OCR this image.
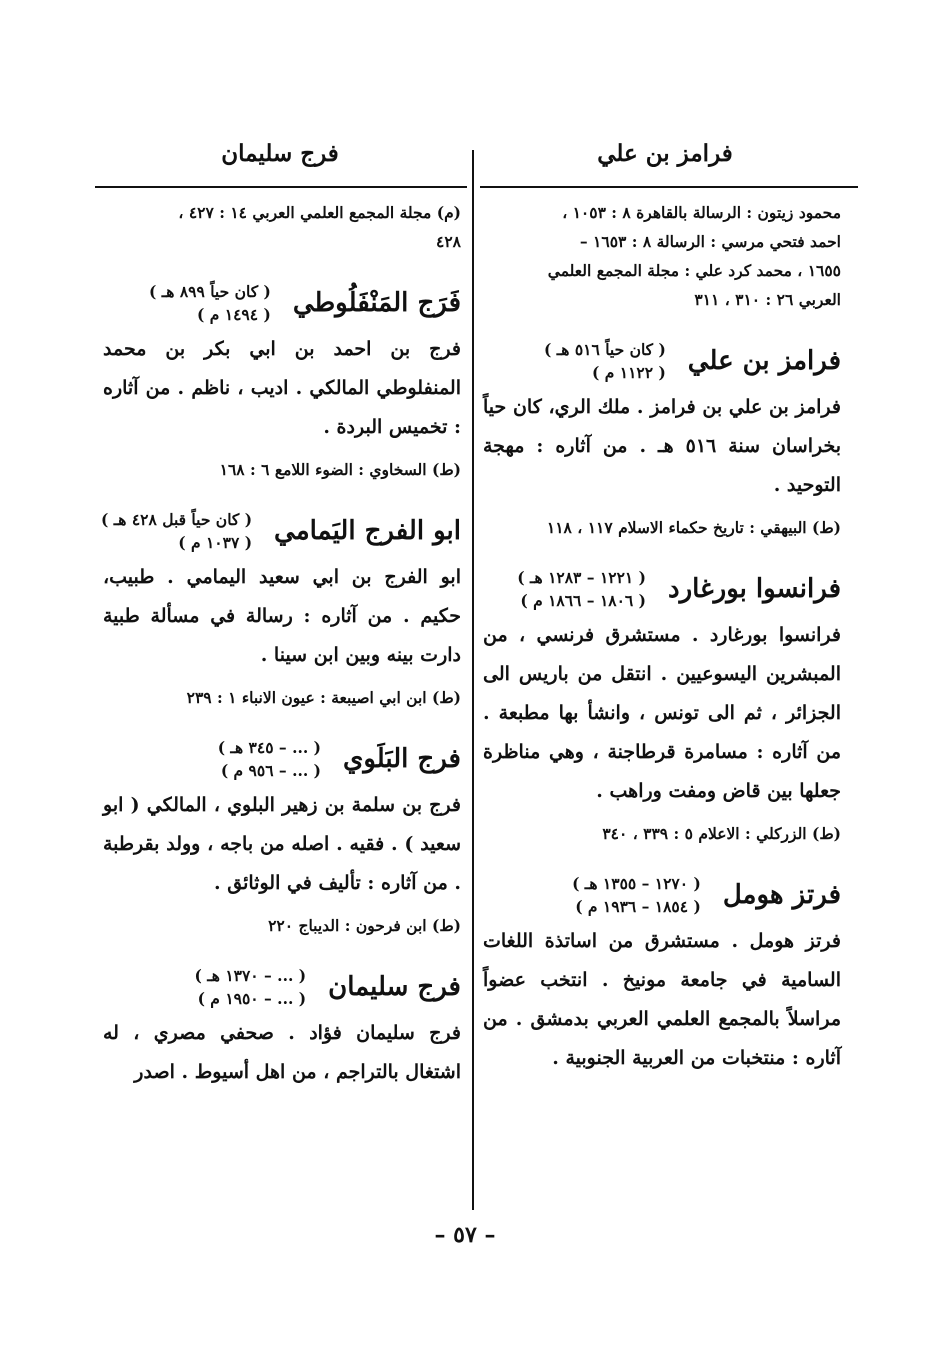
فرامز بن علي
فرج سليمان

محمود زيتون : الرسالة بالقاهرة ٨ : ١٠٥٣ ،

احمد فتحي مرسي : الرسالة ٨ : ١٦٥٣ –

١٦٥٥ ، محمد كرد علي : مجلة المجمع العلمي

العربي ٢٦ : ٣١٠ ، ٣١١

فرامز بن علي
( كان حياً ٥١٦ هـ )
( ١١٢٢ م )

فرامز بن علي بن فرامز . ملك الري، كان حياً بخراسان سنة ٥١٦ هـ . من آثاره : مهجة التوحيد .

(ط) البيهقي : تاريخ حكماء الاسلام ١١٧ ، ١١٨

فرانسوا بورغارد
( ١٢٢١ – ١٢٨٣ هـ )
( ١٨٠٦ – ١٨٦٦ م )

فرانسوا بورغارد . مستشرق فرنسي ، من المبشرين اليسوعيين . انتقل من باريس الى الجزائر ، ثم الى تونس ، وانشأ بها مطبعة . من آثاره : مسامرة قرطاجنة ، وهي مناظرة جعلها بين قاض ومفت وراهب .

(ط) الزركلي : الاعلام ٥ : ٣٣٩ ، ٣٤٠

فرتز هومل
( ١٢٧٠ – ١٣٥٥ هـ )
( ١٨٥٤ – ١٩٣٦ م )

فرتز هومل . مستشرق من اساتذة اللغات السامية في جامعة مونيخ . انتخب عضواً مراسلاً بالمجمع العلمي العربي بدمشق . من آثاره : منتخبات من العربية الجنوبية .

(م) مجلة المجمع العلمي العربي ١٤ : ٤٢٧ ،

٤٢٨

فَرَج المَنْفَلُوطي
( كان حياً ٨٩٩ هـ )
( ١٤٩٤ م )

فرج بن احمد بن ابي بكر بن محمد المنفلوطي المالكي . اديب ، ناظم . من آثاره : تخميس البردة .

(ط) السخاوي : الضوء اللامع ٦ : ١٦٨

ابو الفرج اليَمامي
( كان حياً قبل ٤٢٨ هـ )
( ١٠٣٧ م )

ابو الفرج بن ابي سعيد اليمامي . طبيب، حكيم . من آثاره : رسالة في مسألة طبية دارت بينه وبين ابن سينا .

(ط) ابن ابي اصيبعة : عيون الانباء ١ : ٢٣٩

فرج البَلَوي
( ... – ٣٤٥ هـ )
( ... – ٩٥٦ م )

فرج بن سلمة بن زهير البلوي ، المالكي ( ابو سعيد ) . فقيه . اصله من باجه ، وولد بقرطبة . من آثاره : تأليف في الوثائق .

(ط) ابن فرحون : الديباج ٢٢٠

فرج سليمان
( ... – ١٣٧٠ هـ )
( ... – ١٩٥٠ م )

فرج سليمان فؤاد . صحفي مصري ، له اشتغال بالتراجم ، من اهل أسيوط . اصدر

– ٥٧ –
